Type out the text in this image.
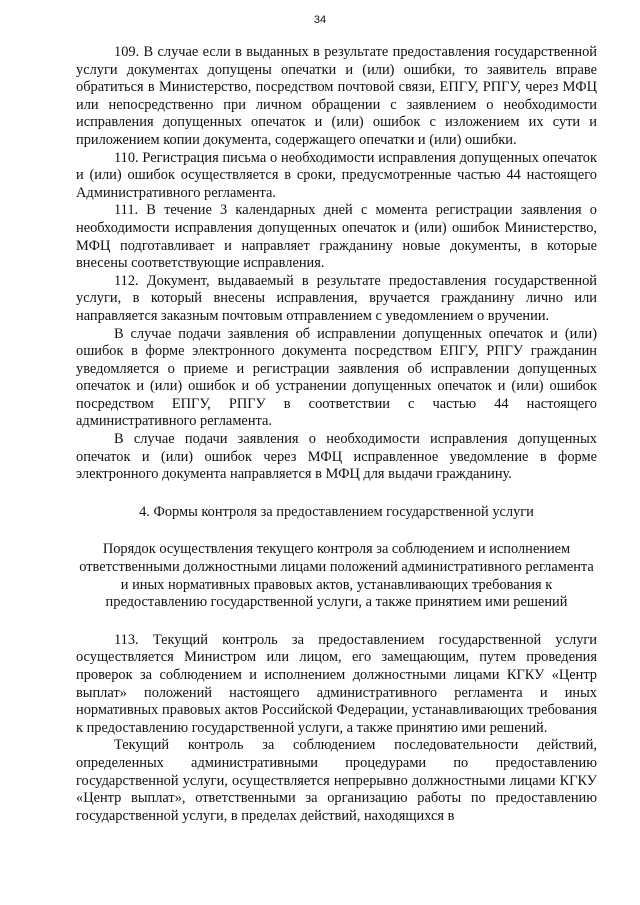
34

109. В случае если в выданных в результате предоставления государственной услуги документах допущены опечатки и (или) ошибки, то заявитель вправе обратиться в Министерство, посредством почтовой связи, ЕПГУ, РПГУ, через МФЦ или непосредственно при личном обращении с заявлением о необходимости исправления допущенных опечаток и (или) ошибок с изложением их сути и приложением копии документа, содержащего опечатки и (или) ошибки.

110. Регистрация письма о необходимости исправления допущенных опечаток и (или) ошибок осуществляется в сроки, предусмотренные частью 44 настоящего Административного регламента.

111. В течение 3 календарных дней с момента регистрации заявления о необходимости исправления допущенных опечаток и (или) ошибок Министерство, МФЦ подготавливает и направляет гражданину новые документы, в которые внесены соответствующие исправления.

112. Документ, выдаваемый в результате предоставления государственной услуги, в который внесены исправления, вручается гражданину лично или направляется заказным почтовым отправлением с уведомлением о вручении.

В случае подачи заявления об исправлении допущенных опечаток и (или) ошибок в форме электронного документа посредством ЕПГУ, РПГУ гражданин уведомляется о приеме и регистрации заявления об исправлении допущенных опечаток и (или) ошибок и об устранении допущенных опечаток и (или) ошибок посредством ЕПГУ, РПГУ в соответствии с частью 44 настоящего административного регламента.

В случае подачи заявления о необходимости исправления допущенных опечаток и (или) ошибок через МФЦ исправленное уведомление в форме электронного документа направляется в МФЦ для выдачи гражданину.

4. Формы контроля за предоставлением государственной услуги

Порядок осуществления текущего контроля за соблюдением и исполнением ответственными должностными лицами положений административного регламента и иных нормативных правовых актов, устанавливающих требования к предоставлению государственной услуги, а также принятием ими решений

113. Текущий контроль за предоставлением государственной услуги осуществляется Министром или лицом, его замещающим, путем проведения проверок за соблюдением и исполнением должностными лицами КГКУ «Центр выплат» положений настоящего административного регламента и иных нормативных правовых актов Российской Федерации, устанавливающих требования к предоставлению государственной услуги, а также принятию ими решений.

Текущий контроль за соблюдением последовательности действий, определенных административными процедурами по предоставлению государственной услуги, осуществляется непрерывно должностными лицами КГКУ «Центр выплат», ответственными за организацию работы по предоставлению государственной услуги, в пределах действий, находящихся в
